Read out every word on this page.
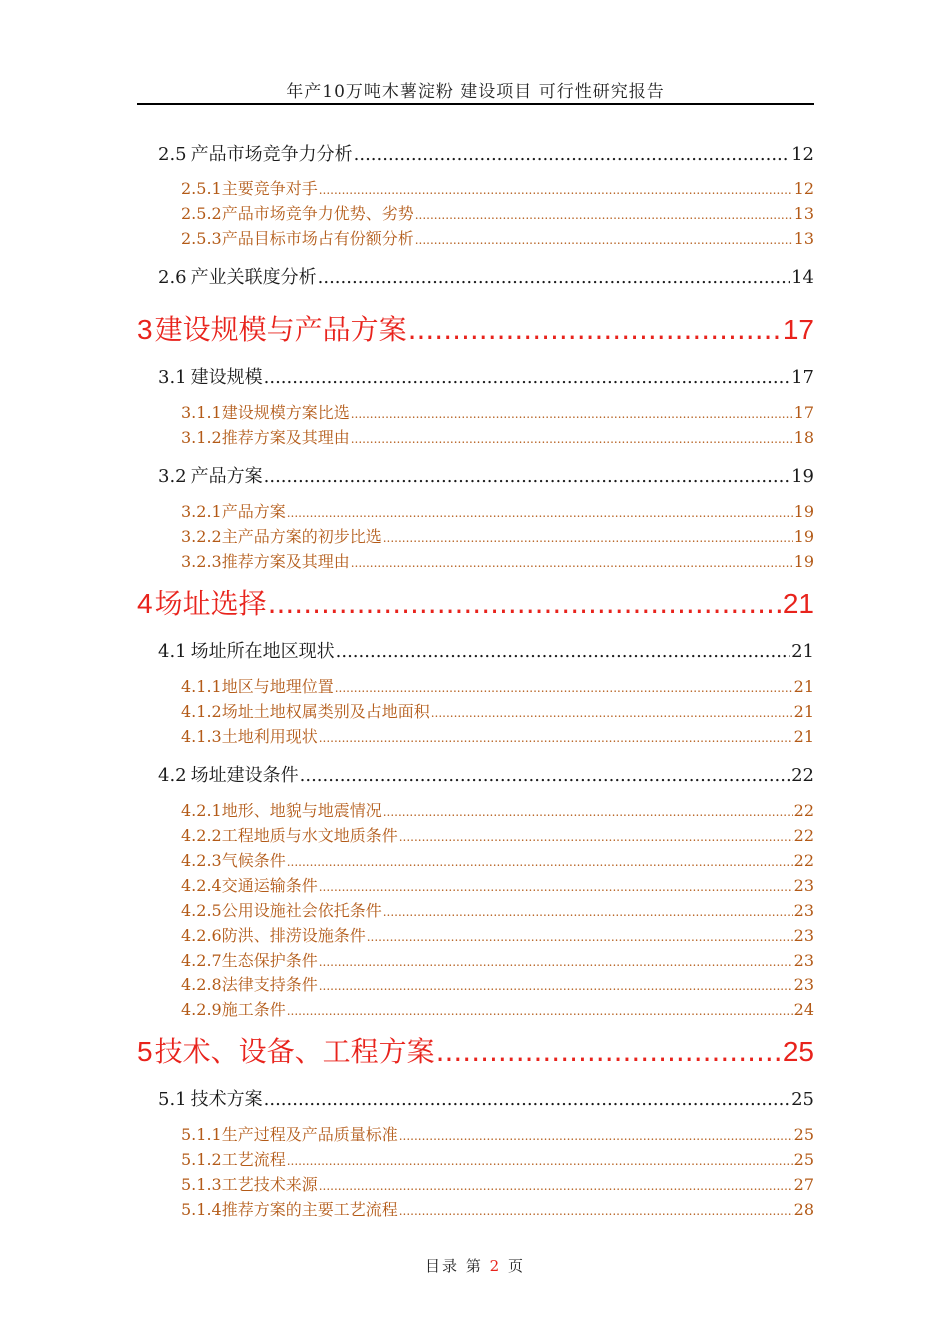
年产10万吨木薯淀粉 建设项目 可行性研究报告
2.5 产品市场竞争力分析 .....	12
2.5.1 主要竞争对手 .....	12
2.5.2 产品市场竞争力优势、劣势 .....	13
2.5.3 产品目标市场占有份额分析 .....	13
2.6 产业关联度分析 .....	14
3 建设规模与产品方案 .....	17
3.1 建设规模 .....	17
3.1.1 建设规模方案比选 .....	17
3.1.2 推荐方案及其理由 .....	18
3.2 产品方案 .....	19
3.2.1 产品方案 .....	19
3.2.2 主产品方案的初步比选 .....	19
3.2.3 推荐方案及其理由 .....	19
4 场址选择 .....	21
4.1 场址所在地区现状 .....	21
4.1.1 地区与地理位置 .....	21
4.1.2 场址土地权属类别及占地面积 .....	21
4.1.3 土地利用现状 .....	21
4.2 场址建设条件 .....	22
4.2.1 地形、地貌与地震情况 .....	22
4.2.2 工程地质与水文地质条件 .....	22
4.2.3 气候条件 .....	22
4.2.4 交通运输条件 .....	23
4.2.5 公用设施社会依托条件 .....	23
4.2.6 防洪、排涝设施条件 .....	23
4.2.7 生态保护条件 .....	23
4.2.8 法律支持条件 .....	23
4.2.9 施工条件 .....	24
5 技术、设备、工程方案 .....	25
5.1 技术方案 .....	25
5.1.1 生产过程及产品质量标准 .....	25
5.1.2 工艺流程 .....	25
5.1.3 工艺技术来源 .....	27
5.1.4 推荐方案的主要工艺流程 .....	28
目录 第 2 页
